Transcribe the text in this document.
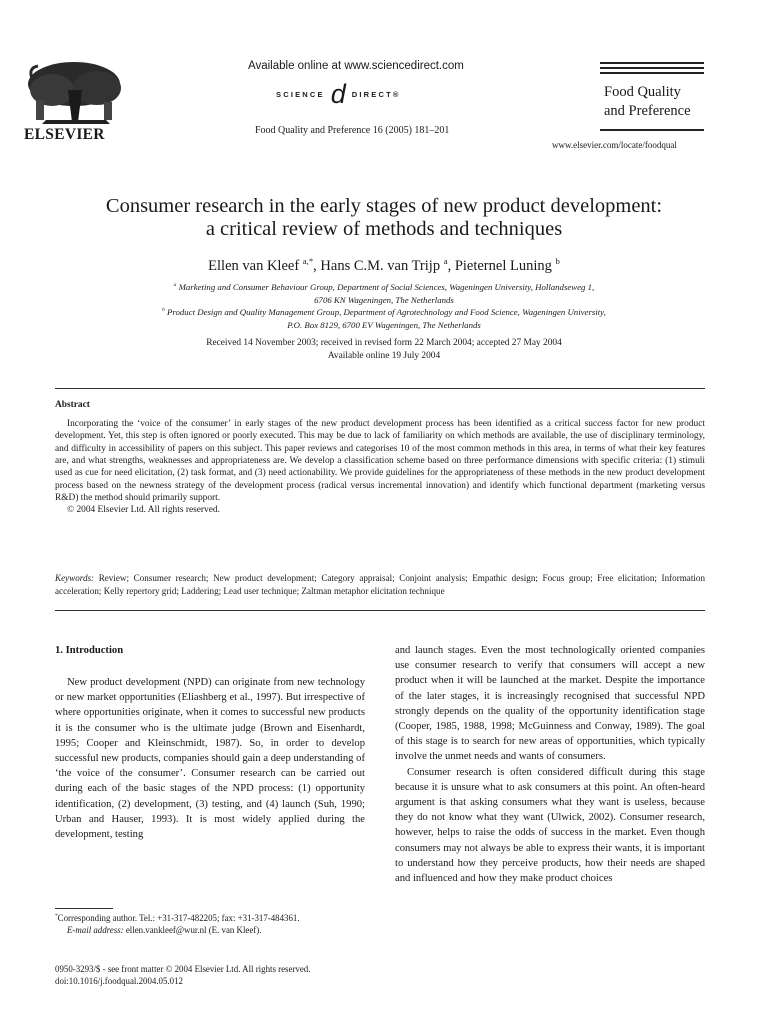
ELSEVIER
Available online at www.sciencedirect.com
SCIENCE d DIRECT®
Food Quality and Preference 16 (2005) 181–201
Food Quality
and Preference
www.elsevier.com/locate/foodqual
Consumer research in the early stages of new product development:
a critical review of methods and techniques
Ellen van Kleef $^{a,*}$, Hans C.M. van Trijp $^a$, Pieternel Luning $^b$
$^a$ Marketing and Consumer Behaviour Group, Department of Social Sciences, Wageningen University, Hollandseweg 1,
6706 KN Wageningen, The Netherlands
$^b$ Product Design and Quality Management Group, Department of Agrotechnology and Food Science, Wageningen University,
P.O. Box 8129, 6700 EV Wageningen, The Netherlands
Received 14 November 2003; received in revised form 22 March 2004; accepted 27 May 2004
Available online 19 July 2004
Abstract

Incorporating the ‘voice of the consumer’ in early stages of the new product development process has been identified as a critical success factor for new product development. Yet, this step is often ignored or poorly executed. This may be due to lack of familiarity on which methods are available, the use of disciplinary terminology, and difficulty in accessibility of papers on this subject. This paper reviews and categorises 10 of the most common methods in this area, in terms of what their key features are, and what strengths, weaknesses and appropriateness are. We develop a classification scheme based on three performance dimensions with specific criteria: (1) stimuli used as cue for need elicitation, (2) task format, and (3) need actionability. We provide guidelines for the appropriateness of these methods in the new product development process based on the newness strategy of the development process (radical versus incremental innovation) and identify which functional department (marketing versus R&D) the method should primarily support.

© 2004 Elsevier Ltd. All rights reserved.

Keywords: Review; Consumer research; New product development; Category appraisal; Conjoint analysis; Empathic design; Focus group; Free elicitation; Information acceleration; Kelly repertory grid; Laddering; Lead user technique; Zaltman metaphor elicitation technique
1. Introduction

New product development (NPD) can originate from new technology or new market opportunities (Eliashberg et al., 1997). But irrespective of where opportunities originate, when it comes to successful new products it is the consumer who is the ultimate judge (Brown and Eisenhardt, 1995; Cooper and Kleinschmidt, 1987). So, in order to develop successful new products, companies should gain a deep understanding of ‘the voice of the consumer’. Consumer research can be carried out during each of the basic stages of the NPD process: (1) opportunity identification, (2) development, (3) testing, and (4) launch (Suh, 1990; Urban and Hauser, 1993). It is most widely applied during the development, testing

and launch stages. Even the most technologically oriented companies use consumer research to verify that consumers will accept a new product when it will be launched at the market. Despite the importance of the later stages, it is increasingly recognised that successful NPD strongly depends on the quality of the opportunity identification stage (Cooper, 1985, 1988, 1998; McGuinness and Conway, 1989). The goal of this stage is to search for new areas of opportunities, which typically involve the unmet needs and wants of consumers.

Consumer research is often considered difficult during this stage because it is unsure what to ask consumers at this point. An often-heard argument is that asking consumers what they want is useless, because they do not know what they want (Ulwick, 2002). Consumer research, however, helps to raise the odds of success in the market. Even though consumers may not always be able to express their wants, it is important to understand how they perceive products, how their needs are shaped and influenced and how they make product choices

*Corresponding author. Tel.: +31-317-482205; fax: +31-317-484361.
E-mail address: ellen.vankleef@wur.nl (E. van Kleef).
0950-3293/$ - see front matter © 2004 Elsevier Ltd. All rights reserved.
doi:10.1016/j.foodqual.2004.05.012
